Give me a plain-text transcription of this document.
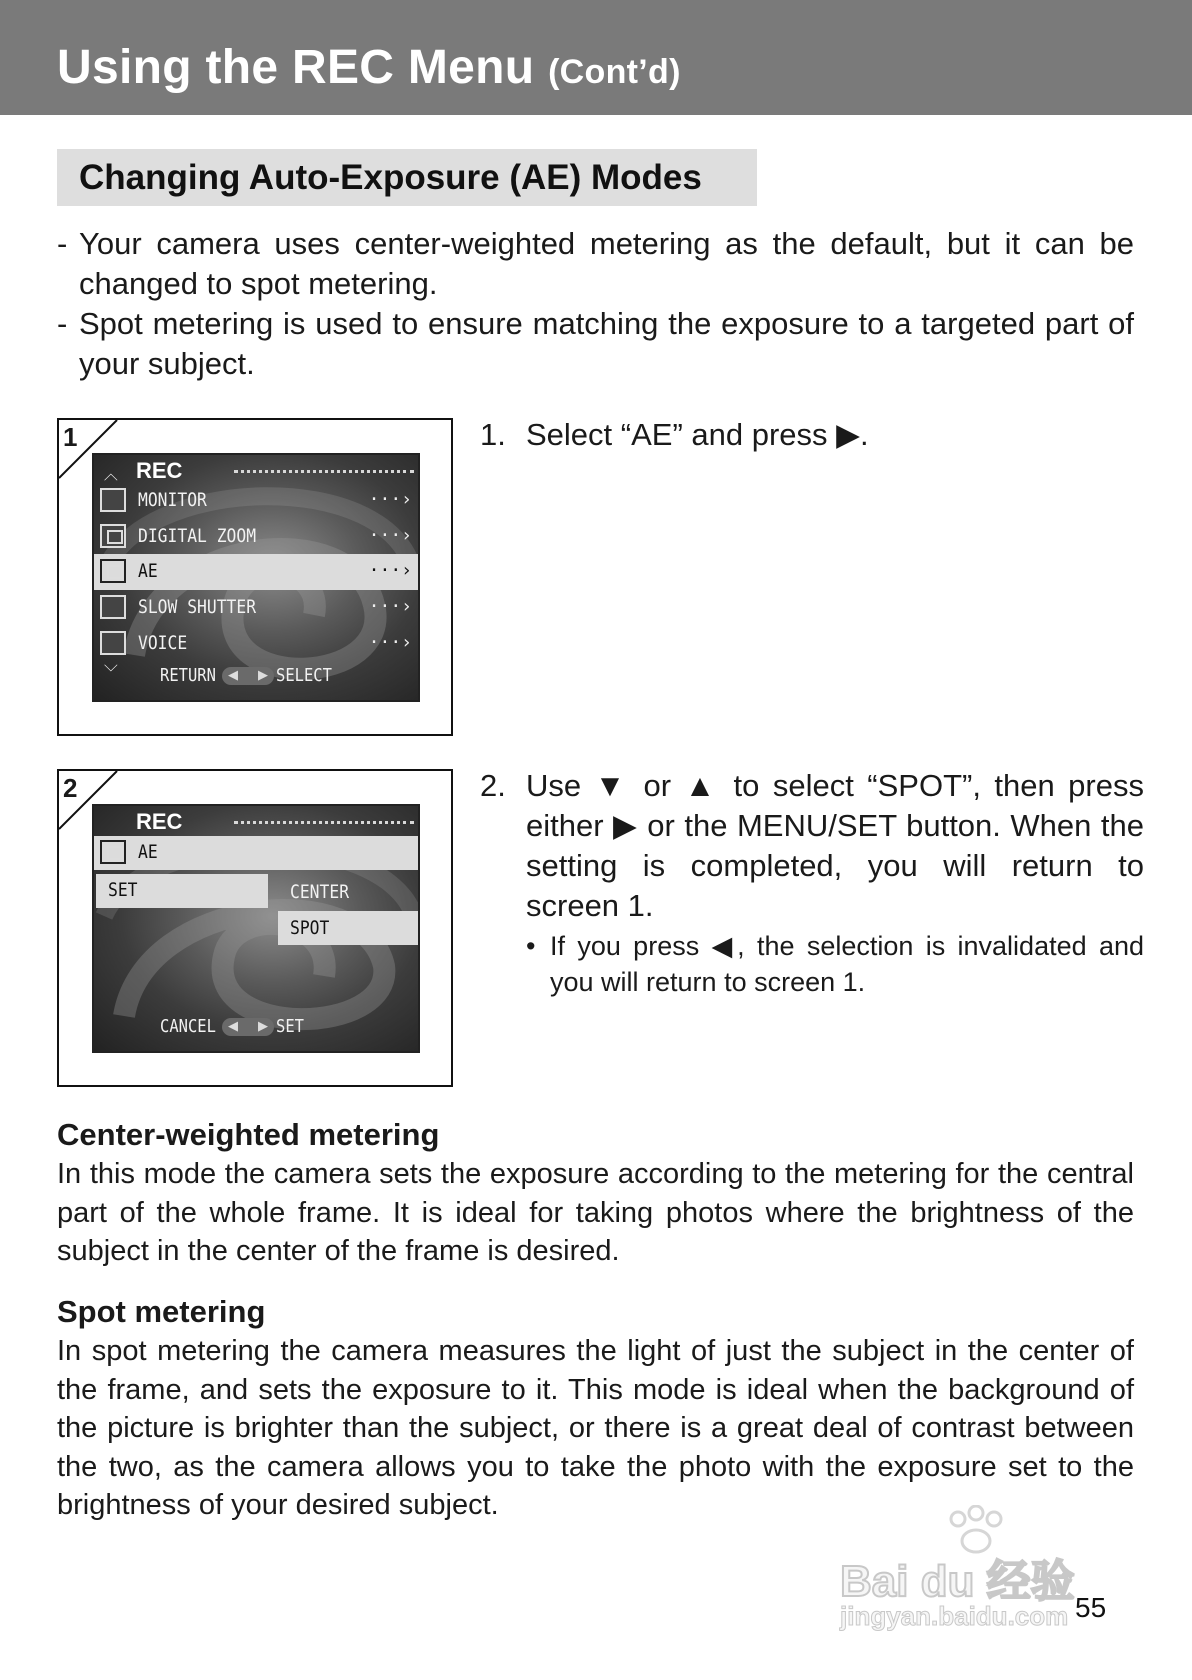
Using the REC Menu (Cont’d)
Changing Auto-Exposure (AE) Modes
- Your camera uses center-weighted metering as the default, but it can be changed to spot metering.
- Spot metering is used to ensure matching the exposure to a targeted part of your subject.
1
︿ REC
MONITOR	···›
DIGITAL ZOOM	···›
AE	···›
SLOW SHUTTER	···›
VOICE	···›
﹀ RETURN ◀ ▶ SELECT
1. Select “AE” and press ▶.
2
REC
AE
SET	CENTER
SPOT
CANCEL ◀ ▶ SET
2. Use ▼ or ▲ to select “SPOT”, then press either ▶ or the MENU/SET button. When the setting is completed, you will return to screen 1.
• If you press ◀, the selection is invalidated and you will return to screen 1.
Center-weighted metering
In this mode the camera sets the exposure according to the metering for the central part of the whole frame. It is ideal for taking photos where the brightness of the subject in the center of the frame is desired.
Spot metering
In spot metering the camera measures the light of just the subject in the center of the frame, and sets the exposure to it. This mode is ideal when the background of the picture is brighter than the subject, or there is a great deal of contrast between the two, as the camera allows you to take the photo with the exposure set to the brightness of your desired subject.
Bai du 经验
jingyan.baidu.com 55
